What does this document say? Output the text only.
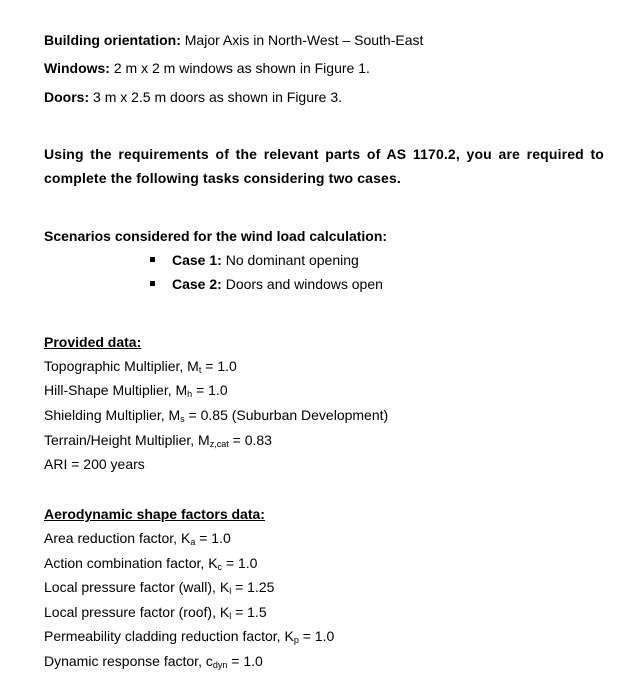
Building orientation: Major Axis in North-West – South-East
Windows: 2 m x 2 m windows as shown in Figure 1.
Doors: 3 m x 2.5 m doors as shown in Figure 3.
Using the requirements of the relevant parts of AS 1170.2, you are required to complete the following tasks considering two cases.
Scenarios considered for the wind load calculation:
Case 1: No dominant opening
Case 2: Doors and windows open
Provided data:
Topographic Multiplier, $M_t = 1.0$
Hill-Shape Multiplier, $M_h = 1.0$
Shielding Multiplier, $M_s = 0.85$ (Suburban Development)
Terrain/Height Multiplier, $M_{z,cat} = 0.83$
ARI = 200 years
Aerodynamic shape factors data:
Area reduction factor, $K_a = 1.0$
Action combination factor, $K_c = 1.0$
Local pressure factor (wall), $K_l = 1.25$
Local pressure factor (roof), $K_l = 1.5$
Permeability cladding reduction factor, $K_p = 1.0$
Dynamic response factor, $c_{dyn} = 1.0$
